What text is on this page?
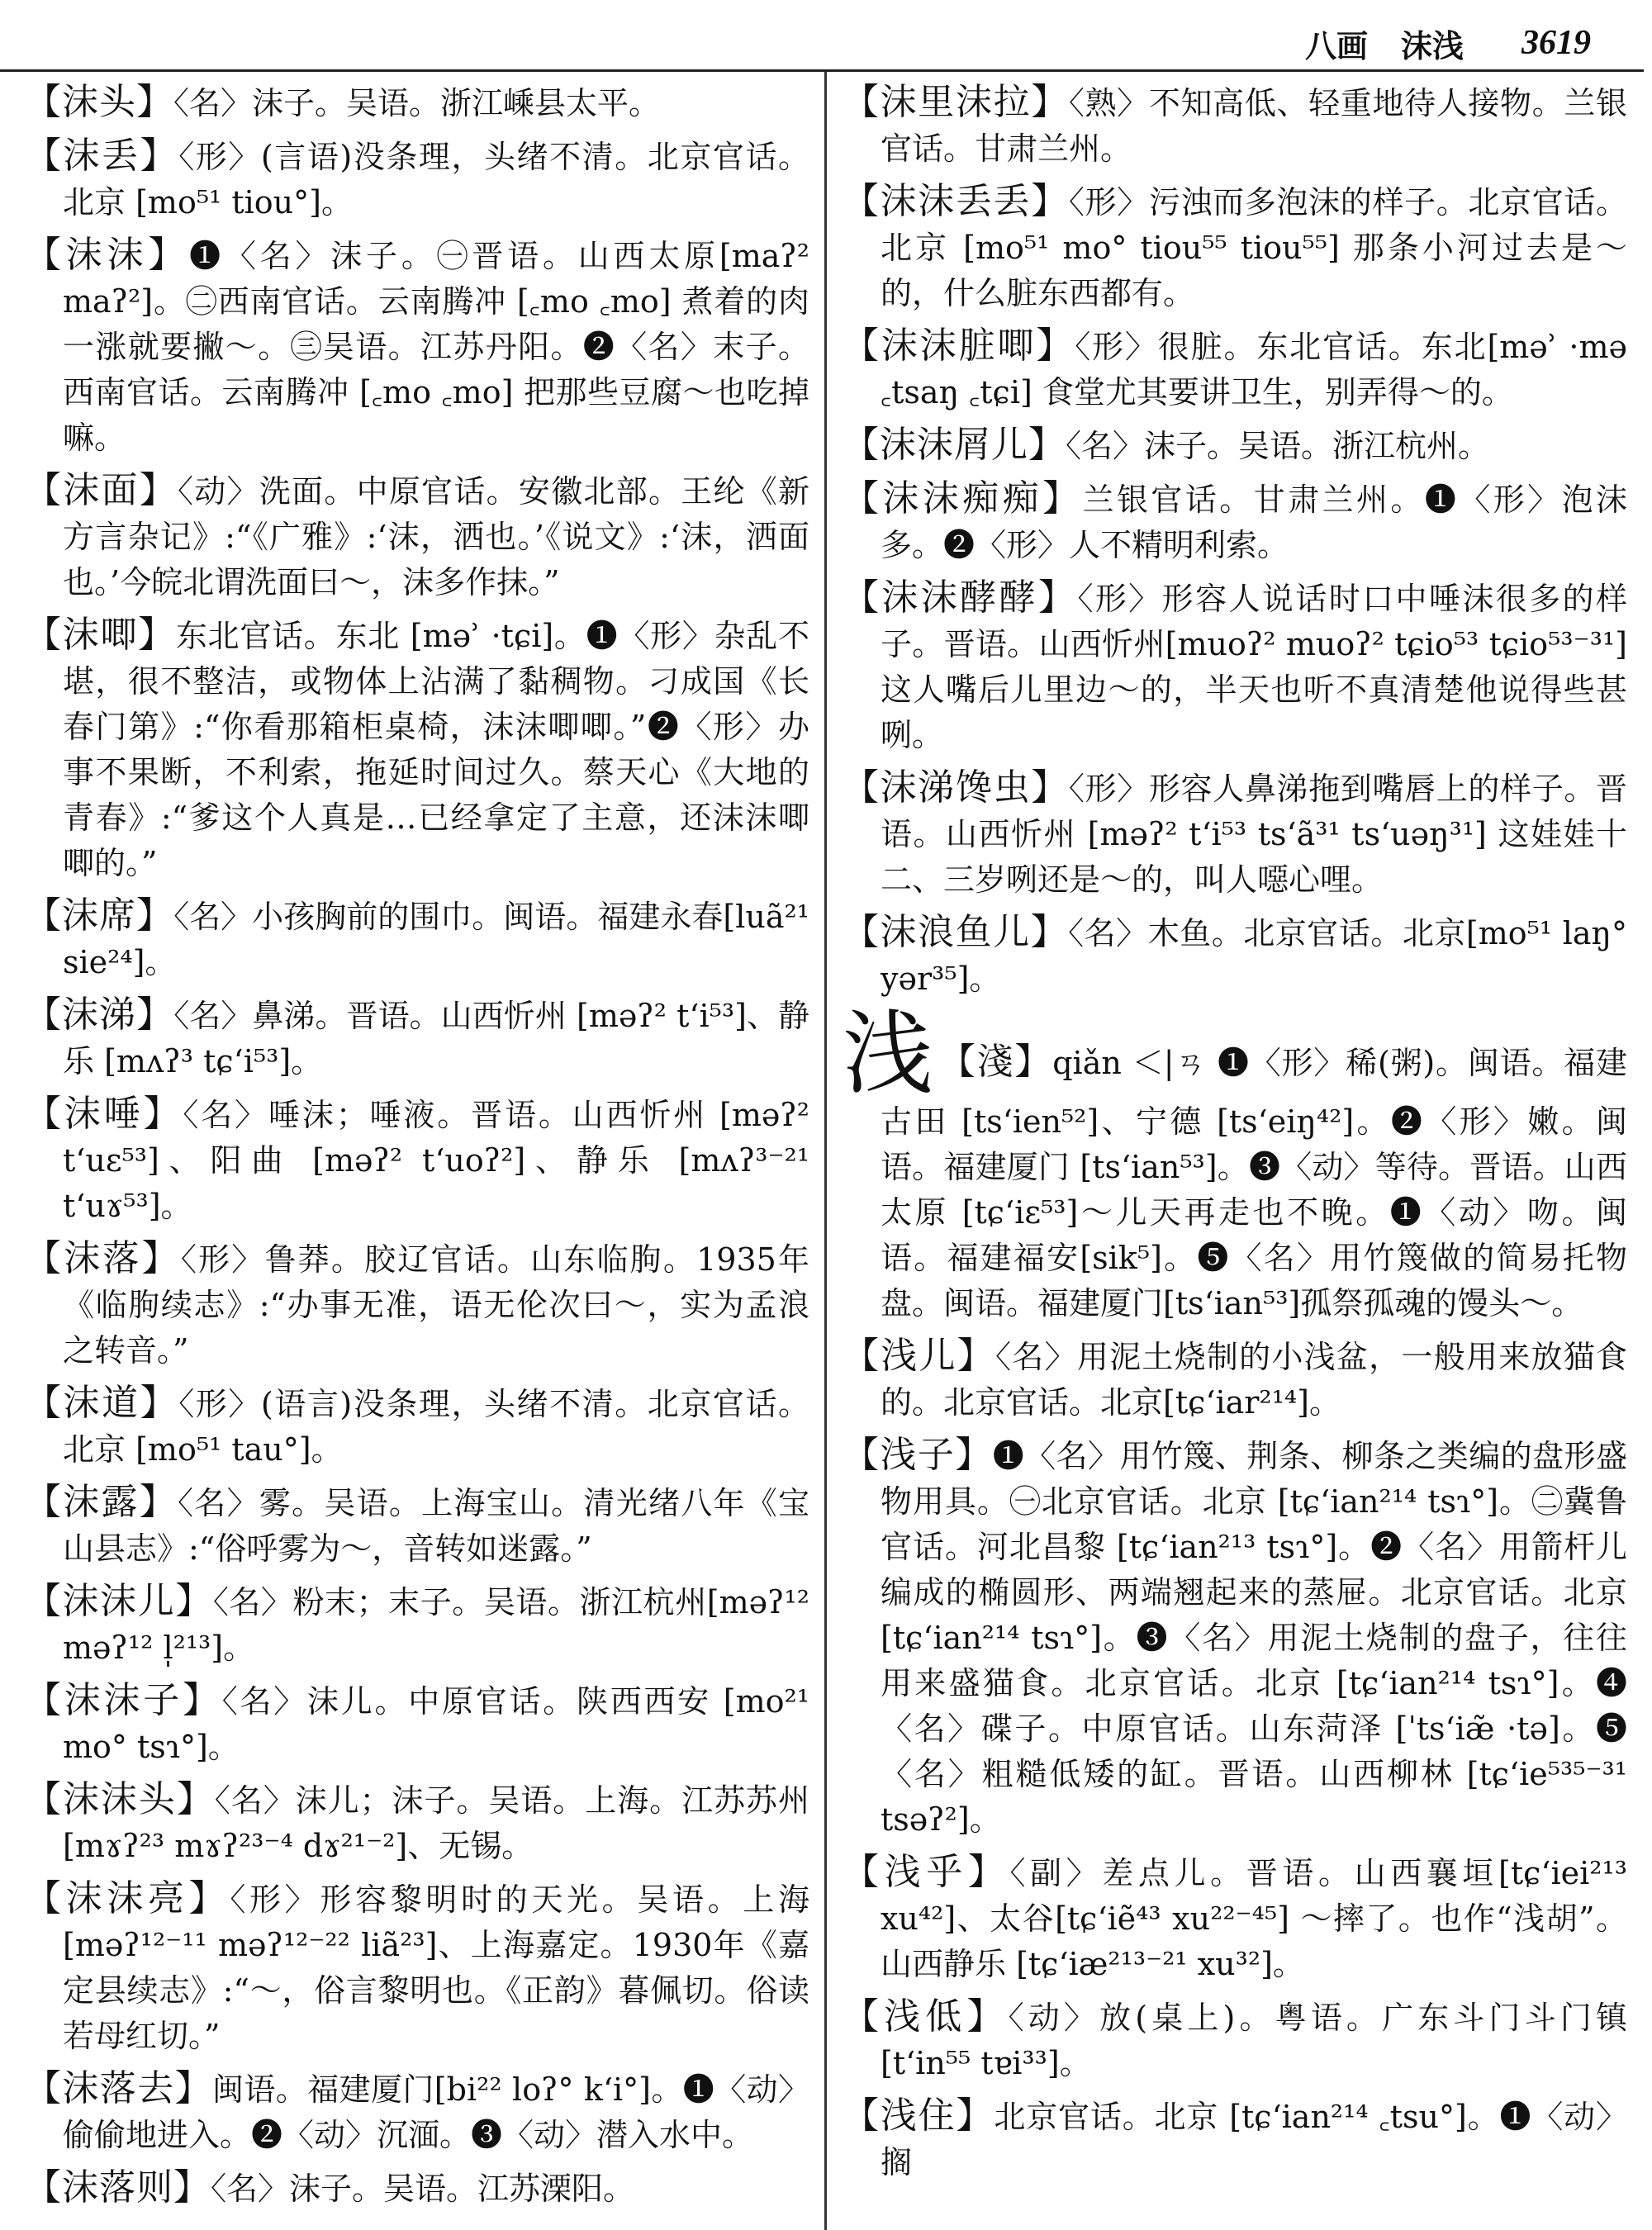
八画 沫浅 3619
【沫头】〈名〉沫子。吴语。浙江嵊县太平。
【沫丢】〈形〉(言语)没条理，头绪不清。北京官话。北京 [mo⁵¹ tiou°]。
【沫沫】❶〈名〉沫子。㊀晋语。山西太原[maʔ² maʔ²]。㊁西南官话。云南腾冲 [꜀mo ꜀mo] 煮着的肉一涨就要撇～。㊂吴语。江苏丹阳。❷〈名〉末子。西南官话。云南腾冲 [꜀mo ꜀mo] 把那些豆腐～也吃掉嘛。
【沫面】〈动〉洗面。中原官话。安徽北部。王纶《新方言杂记》:“《广雅》:‘沫，洒也。’《说文》:‘沫，洒面也。’今皖北谓洗面曰～，沫多作抹。”
【沫唧】东北官话。东北 [məʾ ·tɕi]。❶〈形〉杂乱不堪，很不整洁，或物体上沾满了黏稠物。刁成国《长春门第》:“你看那箱柜桌椅，沫沫唧唧。”❷〈形〉办事不果断，不利索，拖延时间过久。蔡天心《大地的青春》:“爹这个人真是…已经拿定了主意，还沫沫唧唧的。”
【沫席】〈名〉小孩胸前的围巾。闽语。福建永春[luã²¹ sie²⁴]。
【沫涕】〈名〉鼻涕。晋语。山西忻州 [məʔ² tʻi⁵³]、静乐 [mʌʔ³ tɕʻi⁵³]。
【沫唾】〈名〉唾沫；唾液。晋语。山西忻州 [məʔ² tʻuɛ⁵³]、阳曲 [məʔ² tʻuoʔ²]、静乐 [mʌʔ³⁻²¹ tʻuɤ⁵³]。
【沫落】〈形〉鲁莽。胶辽官话。山东临朐。1935年《临朐续志》:“办事无准，语无伦次曰～，实为孟浪之转音。”
【沫道】〈形〉(语言)没条理，头绪不清。北京官话。北京 [mo⁵¹ tau°]。
【沫露】〈名〉雾。吴语。上海宝山。清光绪八年《宝山县志》:“俗呼雾为～，音转如迷露。”
【沫沫儿】〈名〉粉末；末子。吴语。浙江杭州[məʔ¹² məʔ¹² l̩²¹³]。
【沫沫子】〈名〉沫儿。中原官话。陕西西安 [mo²¹ mo° tsɿ°]。
【沫沫头】〈名〉沫儿；沫子。吴语。上海。江苏苏州 [mɤʔ²³ mɤʔ²³⁻⁴ dɤ²¹⁻²]、无锡。
【沫沫亮】〈形〉形容黎明时的天光。吴语。上海 [məʔ¹²⁻¹¹ məʔ¹²⁻²² liã²³]、上海嘉定。1930年《嘉定县续志》:“～，俗言黎明也。《正韵》暮佩切。俗读若母红切。”
【沫落去】闽语。福建厦门[bi²² loʔ° kʻi°]。❶〈动〉偷偷地进入。❷〈动〉沉湎。❸〈动〉潜入水中。
【沫落则】〈名〉沫子。吴语。江苏溧阳。
【沫里沫拉】〈熟〉不知高低、轻重地待人接物。兰银官话。甘肃兰州。
【沫沫丢丢】〈形〉污浊而多泡沫的样子。北京官话。北京 [mo⁵¹ mo° tiou⁵⁵ tiou⁵⁵] 那条小河过去是～的，什么脏东西都有。
【沫沫脏唧】〈形〉很脏。东北官话。东北[məʾ ·mə ꜀tsaŋ ꜀tɕi] 食堂尤其要讲卫生，别弄得～的。
【沫沫屑儿】〈名〉沫子。吴语。浙江杭州。
【沫沫痴痴】兰银官话。甘肃兰州。❶〈形〉泡沫多。❷〈形〉人不精明利索。
【沫沫酵酵】〈形〉形容人说话时口中唾沫很多的样子。晋语。山西忻州[muoʔ² muoʔ² tɕio⁵³ tɕio⁵³⁻³¹] 这人嘴后儿里边～的，半天也听不真清楚他说得些甚咧。
【沫涕馋虫】〈形〉形容人鼻涕拖到嘴唇上的样子。晋语。山西忻州 [məʔ² tʻi⁵³ tsʻã³¹ tsʻuəŋ³¹] 这娃娃十二、三岁咧还是～的，叫人噁心哩。
【沫浪鱼儿】〈名〉木鱼。北京官话。北京[mo⁵¹ laŋ° yər³⁵]。
浅 【淺】qiǎn ＜|ㄢ ❶〈形〉稀(粥)。闽语。福建古田 [tsʻien⁵²]、宁德 [tsʻeiŋ⁴²]。❷〈形〉嫩。闽语。福建厦门 [tsʻian⁵³]。❸〈动〉等待。晋语。山西太原 [tɕʻiɛ⁵³]～儿天再走也不晚。❶〈动〉吻。闽语。福建福安[sik⁵]。❺〈名〉用竹篾做的简易托物盘。闽语。福建厦门[tsʻian⁵³]孤祭孤魂的馒头～。
【浅儿】〈名〉用泥土烧制的小浅盆，一般用来放猫食的。北京官话。北京[tɕʻiar²¹⁴]。
【浅子】❶〈名〉用竹篾、荆条、柳条之类编的盘形盛物用具。㊀北京官话。北京 [tɕʻian²¹⁴ tsɿ°]。㊁冀鲁官话。河北昌黎 [tɕʻian²¹³ tsɿ°]。❷〈名〉用箭杆儿编成的椭圆形、两端翘起来的蒸屉。北京官话。北京[tɕʻian²¹⁴ tsɿ°]。❸〈名〉用泥土烧制的盘子，往往用来盛猫食。北京官话。北京 [tɕʻian²¹⁴ tsɿ°]。❹〈名〉碟子。中原官话。山东菏泽 [ˈtsʻiæ̃ ·tə]。❺〈名〉粗糙低矮的缸。晋语。山西柳林 [tɕʻie⁵³⁵⁻³¹ tsəʔ²]。
【浅乎】〈副〉差点儿。晋语。山西襄垣[tɕʻiei²¹³ xu⁴²]、太谷[tɕʻiẽ⁴³ xu²²⁻⁴⁵] ～摔了。也作“浅胡”。山西静乐 [tɕʻiæ²¹³⁻²¹ xu³²]。
【浅低】〈动〉放(桌上)。粤语。广东斗门斗门镇 [tʻin⁵⁵ tɐi³³]。
【浅住】北京官话。北京 [tɕʻian²¹⁴ ꜀tsu°]。❶〈动〉搁
